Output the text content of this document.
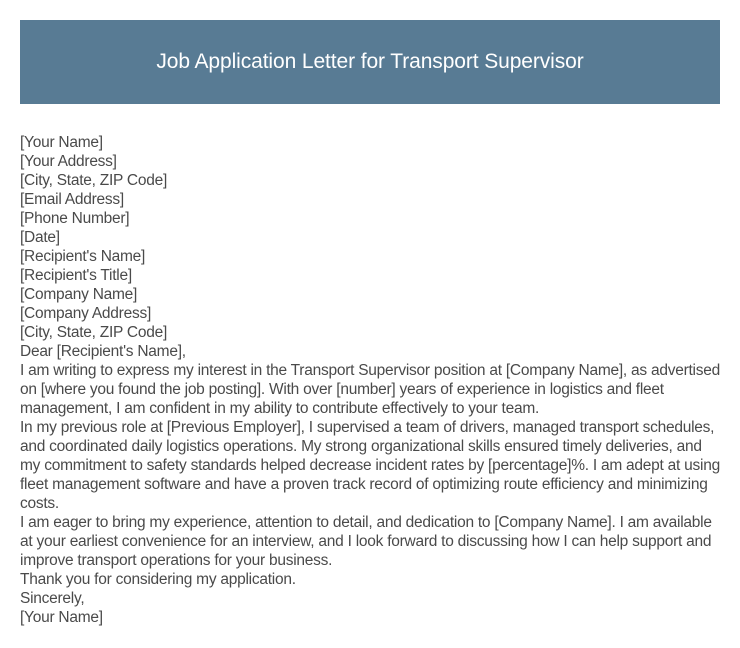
Job Application Letter for Transport Supervisor

[Your Name]

[Your Address]

[City, State, ZIP Code]

[Email Address]

[Phone Number]

[Date]

[Recipient's Name]

[Recipient's Title]

[Company Name]

[Company Address]

[City, State, ZIP Code]

Dear [Recipient's Name],

I am writing to express my interest in the Transport Supervisor position at [Company Name], as advertised on [where you found the job posting]. With over [number] years of experience in logistics and fleet management, I am confident in my ability to contribute effectively to your team.

In my previous role at [Previous Employer], I supervised a team of drivers, managed transport schedules, and coordinated daily logistics operations. My strong organizational skills ensured timely deliveries, and my commitment to safety standards helped decrease incident rates by [percentage]%. I am adept at using fleet management software and have a proven track record of optimizing route efficiency and minimizing costs.

I am eager to bring my experience, attention to detail, and dedication to [Company Name]. I am available at your earliest convenience for an interview, and I look forward to discussing how I can help support and improve transport operations for your business.

Thank you for considering my application.

Sincerely,

[Your Name]
